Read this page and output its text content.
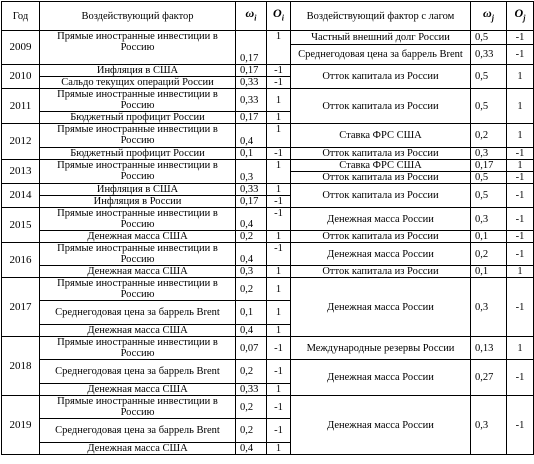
Год	Воздействующий фактор	$\omega_i$	$O_i$	Воздействующий фактор с лагом	$\omega_j$	$O_j$
2009	Прямые иностранные инвестиции в Россию	0,17	1	Частный внешний долг России	0,5	-1
				Среднегодовая цена за баррель Brent	0,33	-1
2010	Инфляция в США	0,17	-1	Отток капитала из России	0,5	1
	Сальдо текущих операций России	0,33	-1			
2011	Прямые иностранные инвестиции в Россию	0,33	1	Отток капитала из России	0,5	1
	Бюджетный профицит России	0,17	1			
2012	Прямые иностранные инвестиции в Россию	0,4	1	Ставка ФРС США	0,2	1

	Бюджетный профицит России	0,1	-1	Отток капитала из России	0,3	-1
2013	Прямые иностранные инвестиции в Россию	0,3	1	Ставка ФРС США	0,17	1
				Отток капитала из России	0,5	-1
2014	Инфляция в США	0,33	1	Отток капитала из России	0,5	-1
	Инфляция в России	0,17	-1			
2015	Прямые иностранные инвестиции в Россию	0,4	-1	Денежная масса России	0,3	-1

	Денежная масса США	0,2	1	Отток капитала из России	0,1	-1
2016	Прямые иностранные инвестиции в Россию	0,4	-1	Денежная масса России	0,2	-1

	Денежная масса США	0,3	1	Отток капитала из России	0,1	1
2017	Прямые иностранные инвестиции в Россию	0,2	1	Денежная масса России	0,3	-1
	Среднегодовая цена за баррель Brent	0,1	1			
	Денежная масса США	0,4	1			
2018	Прямые иностранные инвестиции в Россию	0,07	-1	Международные резервы России	0,13	1
	Среднегодовая цена за баррель Brent	0,2	-1	Денежная масса России	0,27	-1
	Денежная масса США	0,33	1			
2019	Прямые иностранные инвестиции в Россию	0,2	-1	Денежная масса России	0,3	-1
	Среднегодовая цена за баррель Brent	0,2	-1			
	Денежная масса США	0,4	1			
